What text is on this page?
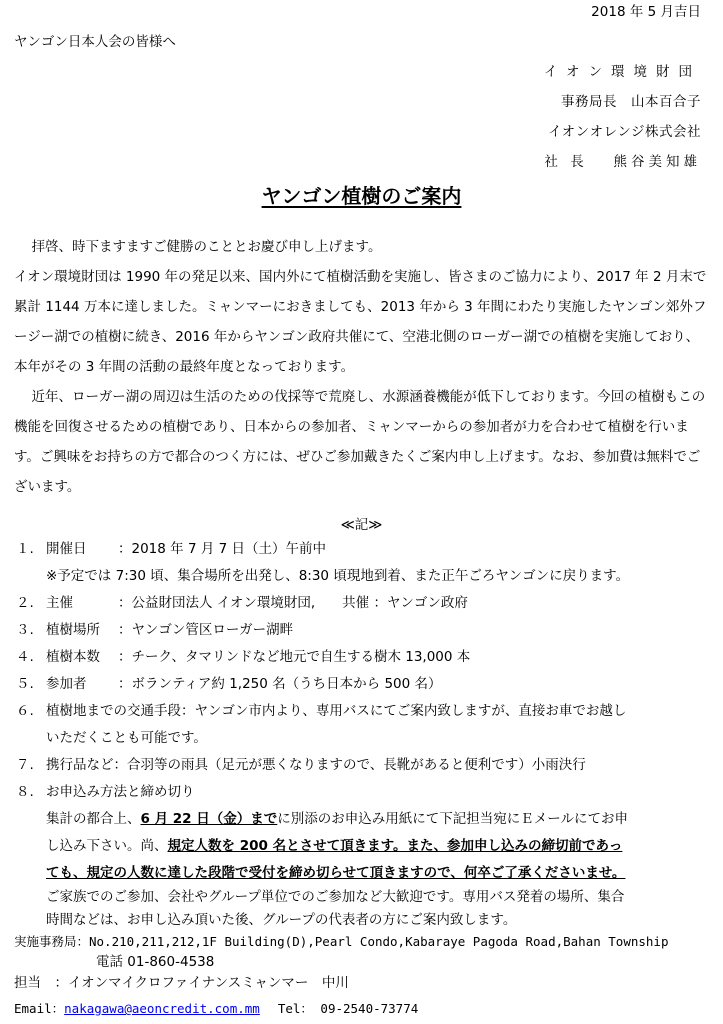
2018 年 5 月吉日
ヤンゴン日本人会の皆様へ
イオン環境財団
事務局長　山本百合子
イオンオレンジ株式会社
社 長　 熊谷美知雄
ヤンゴン植樹のご案内

拝啓、時下ますますご健勝のこととお慶び申し上げます。

イオン環境財団は 1990 年の発足以来、国内外にて植樹活動を実施し、皆さまのご協力により、2017 年 2 月末で累計 1144 万本に達しました。ミャンマーにおきましても、2013 年から 3 年間にわたり実施したヤンゴン郊外フージー湖での植樹に続き、2016 年からヤンゴン政府共催にて、空港北側のローガー湖での植樹を実施しており、本年がその 3 年間の活動の最終年度となっております。

近年、ローガー湖の周辺は生活のための伐採等で荒廃し、水源涵養機能が低下しております。今回の植樹もこの機能を回復させるための植樹であり、日本からの参加者、ミャンマーからの参加者が力を合わせて植樹を行います。ご興味をお持ちの方で都合のつく方には、ぜひご参加戴きたくご案内申し上げます。なお、参加費は無料でございます。

≪記≫
１. 開催日 ：2018 年 7 月 7 日（土）午前中
※予定では 7:30 頃、集合場所を出発し、8:30 頃現地到着、また正午ごろヤンゴンに戻ります。
２. 主催	：公益財団法人 イオン環境財団,　　共催 ：ヤンゴン政府
３. 植樹場所 ：ヤンゴン管区ローガー湖畔
４. 植樹本数 ：チーク、タマリンドなど地元で自生する樹木 13,000 本
５. 参加者 ：ボランティア約 1,250 名（うち日本から 500 名）
６. 植樹地までの交通手段：ヤンゴン市内より、専用バスにてご案内致しますが、直接お車でお越し
いただくことも可能です。
７. 携行品など：合羽等の雨具（足元が悪くなりますので、長靴があると便利です）小雨決行
８. お申込み方法と締め切り
集計の都合上、6 月 22 日（金）までに別添のお申込み用紙にて下記担当宛にＥメールにてお申
し込み下さい。尚、規定人数を 200 名とさせて頂きます。また、参加申し込みの締切前であっ
ても、規定の人数に達した段階で受付を締め切らせて頂きますので、何卒ご了承くださいませ。
ご家族でのご参加、会社やグループ単位でのご参加など大歓迎です。専用バス発着の場所、集合
時間などは、お申し込み頂いた後、グループの代表者の方にご案内致します。
実施事務局：No.210,211,212,1F Building(D),Pearl Condo,Kabaraye Pagoda Road,Bahan Township
電話 01-860-4538
担当　：イオンマイクロファイナンスミャンマー　中川
Email：nakagawa@aeoncredit.com.mm Tel： 09-2540-73774
